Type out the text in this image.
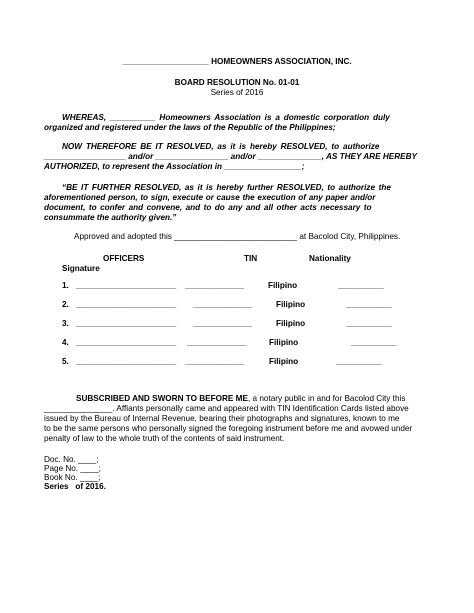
___________________ HOMEOWNERS ASSOCIATION, INC.
BOARD RESOLUTION No. 01-01
Series of 2016
WHEREAS, __________ Homeowners Association is a domestic corporation duly
organized and registered under the laws of the Republic of the Philippines;
NOW THEREFORE BE IT RESOLVED, as it is hereby RESOLVED, to authorize
__________________ and/or ________________ and/or ______________, AS THEY ARE HEREBY
AUTHORIZED, to represent the Association in _________________;
“BE IT FURTHER RESOLVED, as it is hereby further RESOLVED, to authorize the
aforementioned person, to sign, execute or cause the execution of any paper and/or
document, to confer and convene, and to do any and all other acts necessary to
consummate the authority given.”
Approved and adopted this ___________________________ at Bacolod City, Philippines.
OFFICERS	TIN	Nationality
Signature
1. ______________________ _____________	Filipino	__________
2. ______________________ _____________	Filipino	__________
3. ______________________ _____________	Filipino	__________
4. ______________________ _____________	Filipino	__________
5. ______________________ _____________	Filipino	__________
SUBSCRIBED AND SWORN TO BEFORE ME, a notary public in and for Bacolod City this
_______________. Affiants personally came and appeared with TIN Identification Cards listed above
issued by the Bureau of Internal Revenue, bearing their photographs and signatures, known to me
to be the same persons who personally signed the foregoing instrument before me and avowed under
penalty of law to the whole truth of the contents of said instrument.
Doc. No. ____;
Page No. ____;
Book No. ____;
Series   of 2016.
